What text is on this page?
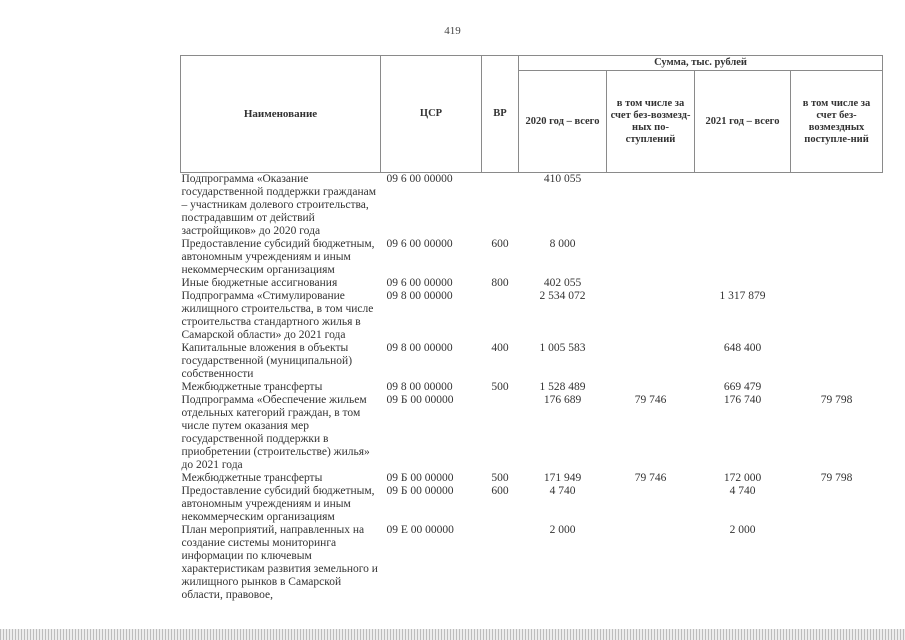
419
Наименование	ЦСР	ВР	Сумма, тыс. рублей			
			2020 год – всего	в том числе за счет без-возмезд-ных по-ступлений	2021 год – всего	в том числе за счет без-возмездных поступле-ний
Подпрограмма «Оказание государственной поддержки гражданам – участникам долевого строительства, пострадавшим от действий застройщиков» до 2020 года	09 6 00 00000		410 055			
Предоставление субсидий бюджетным, автономным учреждениям и иным некоммерческим организациям	09 6 00 00000	600	8 000			
Иные бюджетные ассигнования	09 6 00 00000	800	402 055			
Подпрограмма «Стимулирование жилищного строительства, в том числе строительства стандартного жилья в Самарской области» до 2021 года	09 8 00 00000		2 534 072		1 317 879	
Капитальные вложения в объекты государственной (муниципальной) собственности	09 8 00 00000	400	1 005 583		648 400	
Межбюджетные трансферты	09 8 00 00000	500	1 528 489		669 479	
Подпрограмма «Обеспечение жильем отдельных категорий граждан, в том числе путем оказания мер государственной поддержки в приобретении (строительстве) жилья» до 2021 года	09 Б 00 00000		176 689	79 746	176 740	79 798
Межбюджетные трансферты	09 Б 00 00000	500	171 949	79 746	172 000	79 798
Предоставление субсидий бюджетным, автономным учреждениям и иным некоммерческим организациям	09 Б 00 00000	600	4 740		4 740	
План мероприятий, направленных на создание системы мониторинга информации по ключевым характеристикам развития земельного и жилищного рынков в Самарской области, правовое,	09 Е 00 00000		2 000		2 000	
